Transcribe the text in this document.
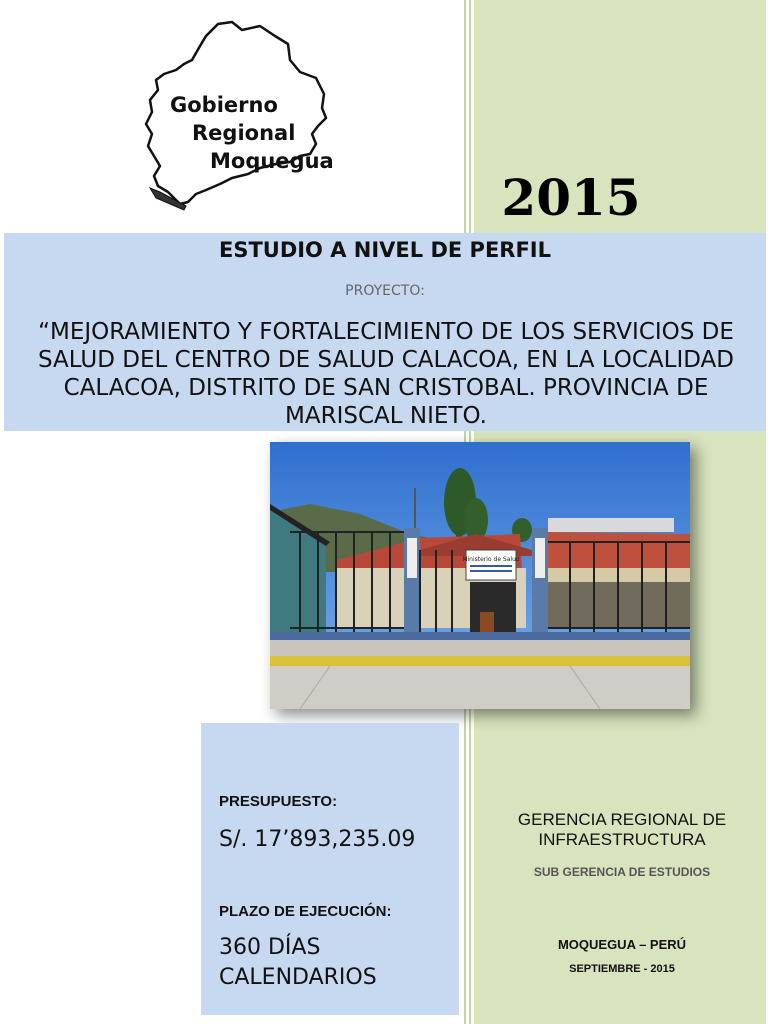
Gobierno
Regional
Moquegua
2015
ESTUDIO A NIVEL DE PERFIL
PROYECTO:
“MEJORAMIENTO Y FORTALECIMIENTO DE LOS SERVICIOS DE SALUD DEL CENTRO DE SALUD CALACOA, EN LA LOCALIDAD CALACOA, DISTRITO DE SAN CRISTOBAL. PROVINCIA DE MARISCAL NIETO.
Ministerio de Salud
PRESUPUESTO:
S/. 17’893,235.09
PLAZO DE EJECUCIÓN:
360 DÍAS CALENDARIOS
GERENCIA REGIONAL DE INFRAESTRUCTURA
SUB GERENCIA DE ESTUDIOS
MOQUEGUA – PERÚ
SEPTIEMBRE - 2015
